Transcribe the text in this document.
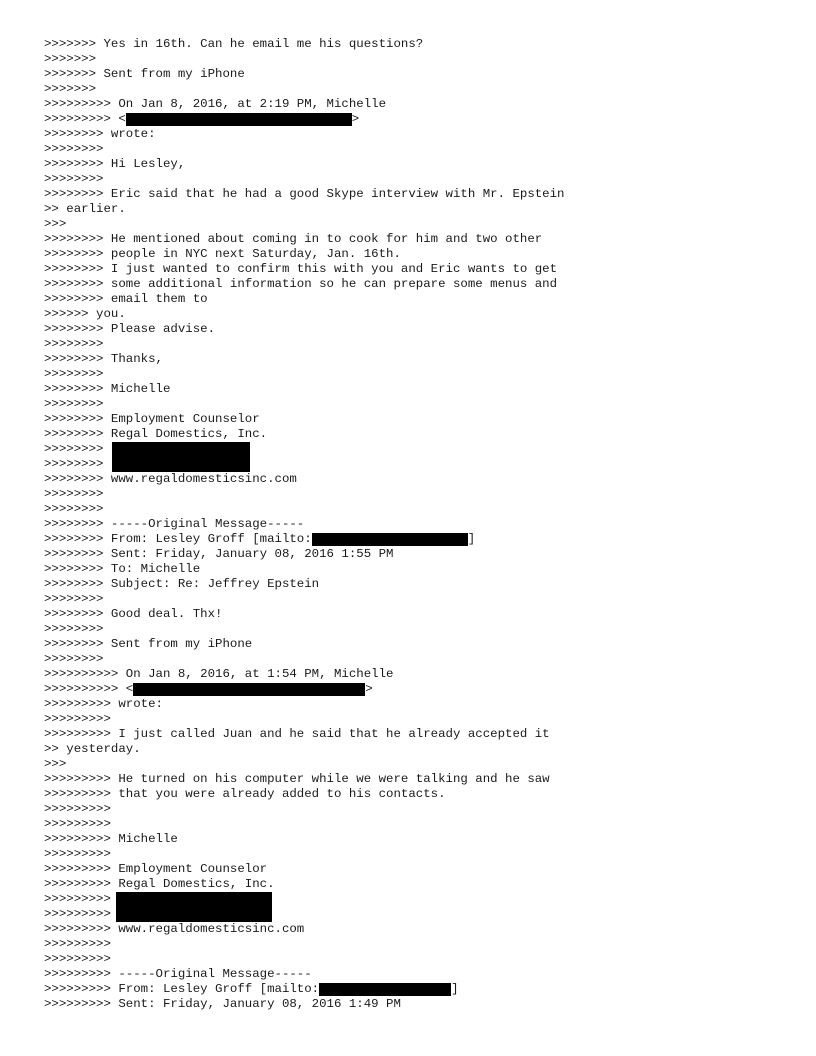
>>>>>>> Yes in 16th. Can he email me his questions?
>>>>>>>
>>>>>>> Sent from my iPhone
>>>>>>>
>>>>>>>>> On Jan 8, 2016, at 2:19 PM, Michelle
>>>>>>>>> <	>
>>>>>>>> wrote:
>>>>>>>>
>>>>>>>> Hi Lesley,
>>>>>>>>
>>>>>>>> Eric said that he had a good Skype interview with Mr. Epstein
>> earlier.
>>>
>>>>>>>> He mentioned about coming in to cook for him and two other
>>>>>>>> people in NYC next Saturday, Jan. 16th.
>>>>>>>> I just wanted to confirm this with you and Eric wants to get
>>>>>>>> some additional information so he can prepare some menus and
>>>>>>>> email them to
>>>>>> you.
>>>>>>>> Please advise.
>>>>>>>>
>>>>>>>> Thanks,
>>>>>>>>
>>>>>>>> Michelle
>>>>>>>>
>>>>>>>> Employment Counselor
>>>>>>>> Regal Domestics, Inc.
>>>>>>>>
>>>>>>>>
>>>>>>>> www.regaldomesticsinc.com
>>>>>>>>
>>>>>>>>
>>>>>>>> -----Original Message-----
>>>>>>>> From: Lesley Groff [mailto:	]
>>>>>>>> Sent: Friday, January 08, 2016 1:55 PM
>>>>>>>> To: Michelle
>>>>>>>> Subject: Re: Jeffrey Epstein
>>>>>>>>
>>>>>>>> Good deal. Thx!
>>>>>>>>
>>>>>>>> Sent from my iPhone
>>>>>>>>
>>>>>>>>>> On Jan 8, 2016, at 1:54 PM, Michelle
>>>>>>>>>> <	>
>>>>>>>>> wrote:
>>>>>>>>>
>>>>>>>>> I just called Juan and he said that he already accepted it
>> yesterday.
>>>
>>>>>>>>> He turned on his computer while we were talking and he saw
>>>>>>>>> that you were already added to his contacts.
>>>>>>>>>
>>>>>>>>>
>>>>>>>>> Michelle
>>>>>>>>>
>>>>>>>>> Employment Counselor
>>>>>>>>> Regal Domestics, Inc.
>>>>>>>>>
>>>>>>>>>
>>>>>>>>> www.regaldomesticsinc.com
>>>>>>>>>
>>>>>>>>>
>>>>>>>>> -----Original Message-----
>>>>>>>>> From: Lesley Groff [mailto:	]
>>>>>>>>> Sent: Friday, January 08, 2016 1:49 PM
